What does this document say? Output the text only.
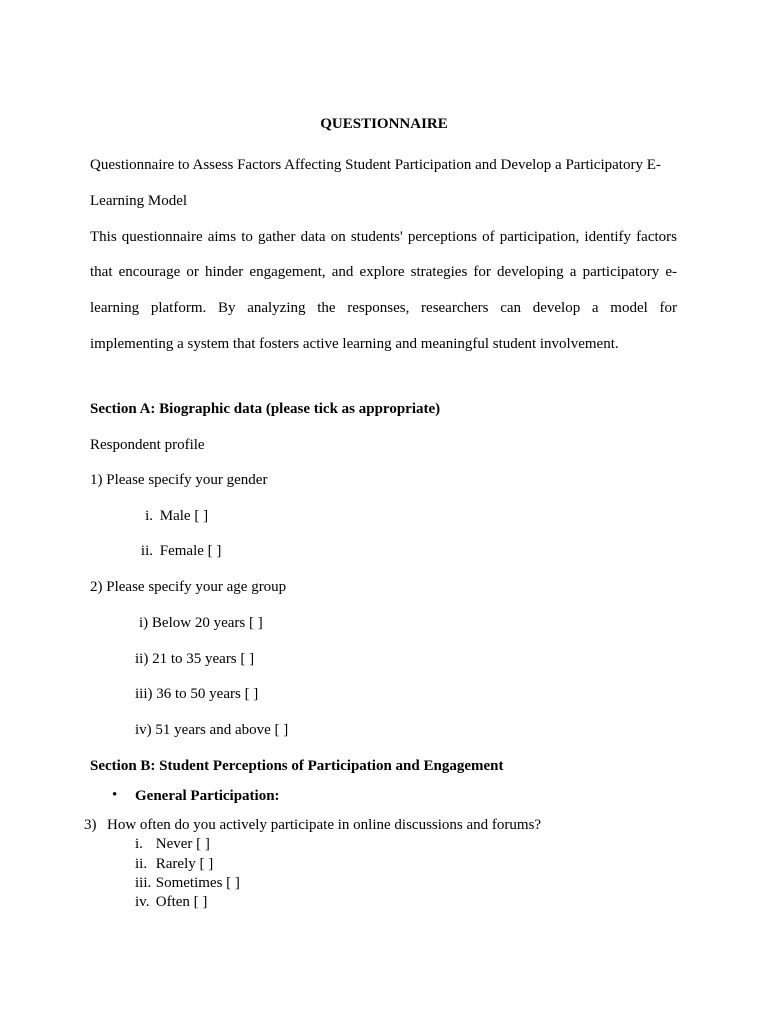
QUESTIONNAIRE
Questionnaire to Assess Factors Affecting Student Participation and Develop a Participatory E-
Learning Model
This questionnaire aims to gather data on students' perceptions of participation, identify factors
that encourage or hinder engagement, and explore strategies for developing a participatory e-
learning platform. By analyzing the responses, researchers can develop a model for
implementing a system that fosters active learning and meaningful student involvement.
Section A: Biographic data (please tick as appropriate)
Respondent profile
1) Please specify your gender
i. Male [ ]
ii. Female [ ]
2) Please specify your age group
i) Below 20 years [ ]
ii) 21 to 35 years [ ]
iii) 36 to 50 years [ ]
iv) 51 years and above [ ]
Section B: Student Perceptions of Participation and Engagement
• General Participation:
3) How often do you actively participate in online discussions and forums?
i. Never [ ]
ii. Rarely [ ]
iii. Sometimes [ ]
iv. Often [ ]
